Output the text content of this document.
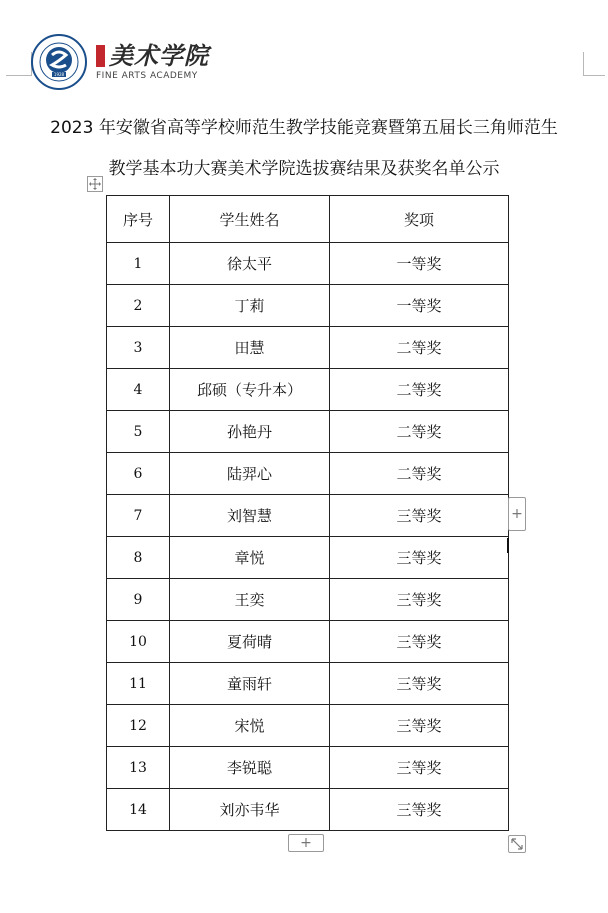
1928
美术学院
FINE ARTS ACADEMY
2023 年安徽省高等学校师范生教学技能竞赛暨第五届长三角师范生
教学基本功大赛美术学院选拔赛结果及获奖名单公示
序号	学生姓名	奖项
1	徐太平	一等奖
2	丁莉	一等奖
3	田慧	二等奖
4	邱硕（专升本）	二等奖
5	孙艳丹	二等奖
6	陆羿心	二等奖
7	刘智慧	三等奖
8	章悦	三等奖
9	王奕	三等奖
10	夏荷晴	三等奖
11	童雨轩	三等奖
12	宋悦	三等奖
13	李锐聪	三等奖
14	刘亦韦华	三等奖
+
+
